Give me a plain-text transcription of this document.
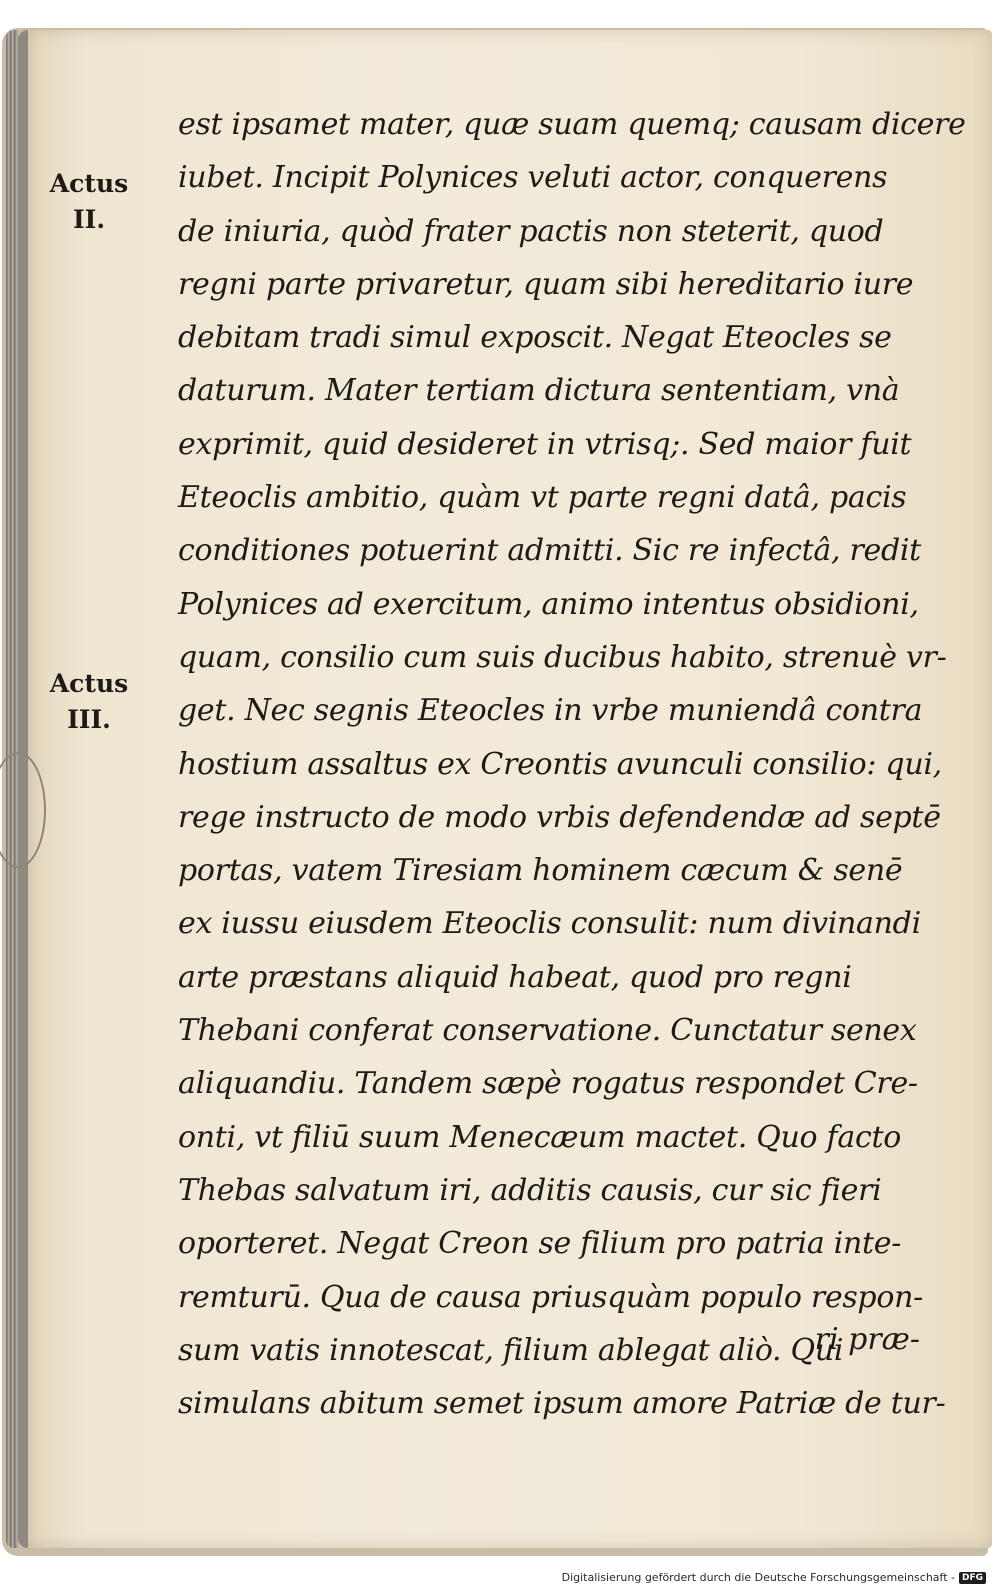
Actus
II.
Actus
III.
est ipsamet mater, quæ suam quemq; causam dicere
iubet. Incipit Polynices veluti actor, conquerens
de iniuria, quòd frater pactis non steterit, quod
regni parte privaretur, quam sibi hereditario iure
debitam tradi simul exposcit. Negat Eteocles se
daturum. Mater tertiam dictura sententiam, vnà
exprimit, quid desideret in vtrisq;. Sed maior fuit
Eteoclis ambitio, quàm vt parte regni datâ, pacis
conditiones potuerint admitti. Sic re infectâ, redit
Polynices ad exercitum, animo intentus obsidioni,
quam, consilio cum suis ducibus habito, strenuè vr-
get. Nec segnis Eteocles in vrbe muniendâ contra
hostium assaltus ex Creontis avunculi consilio: qui,
rege instructo de modo vrbis defendendæ ad septē
portas, vatem Tiresiam hominem cæcum & senē
ex iussu eiusdem Eteoclis consulit: num divinandi
arte præstans aliquid habeat, quod pro regni
Thebani conferat conservatione. Cunctatur senex
aliquandiu. Tandem sæpè rogatus respondet Cre-
onti, vt filiū suum Menecæum mactet. Quo facto
Thebas salvatum iri, additis causis, cur sic fieri
oporteret. Negat Creon se filium pro patria inte-
remturū. Qua de causa priusquàm populo respon-
sum vatis innotescat, filium ablegat aliò. Qui
simulans abitum semet ipsum amore Patriæ de tur-
ri præ-
Digitalisierung gefördert durch die Deutsche Forschungsgemeinschaft - DFG
